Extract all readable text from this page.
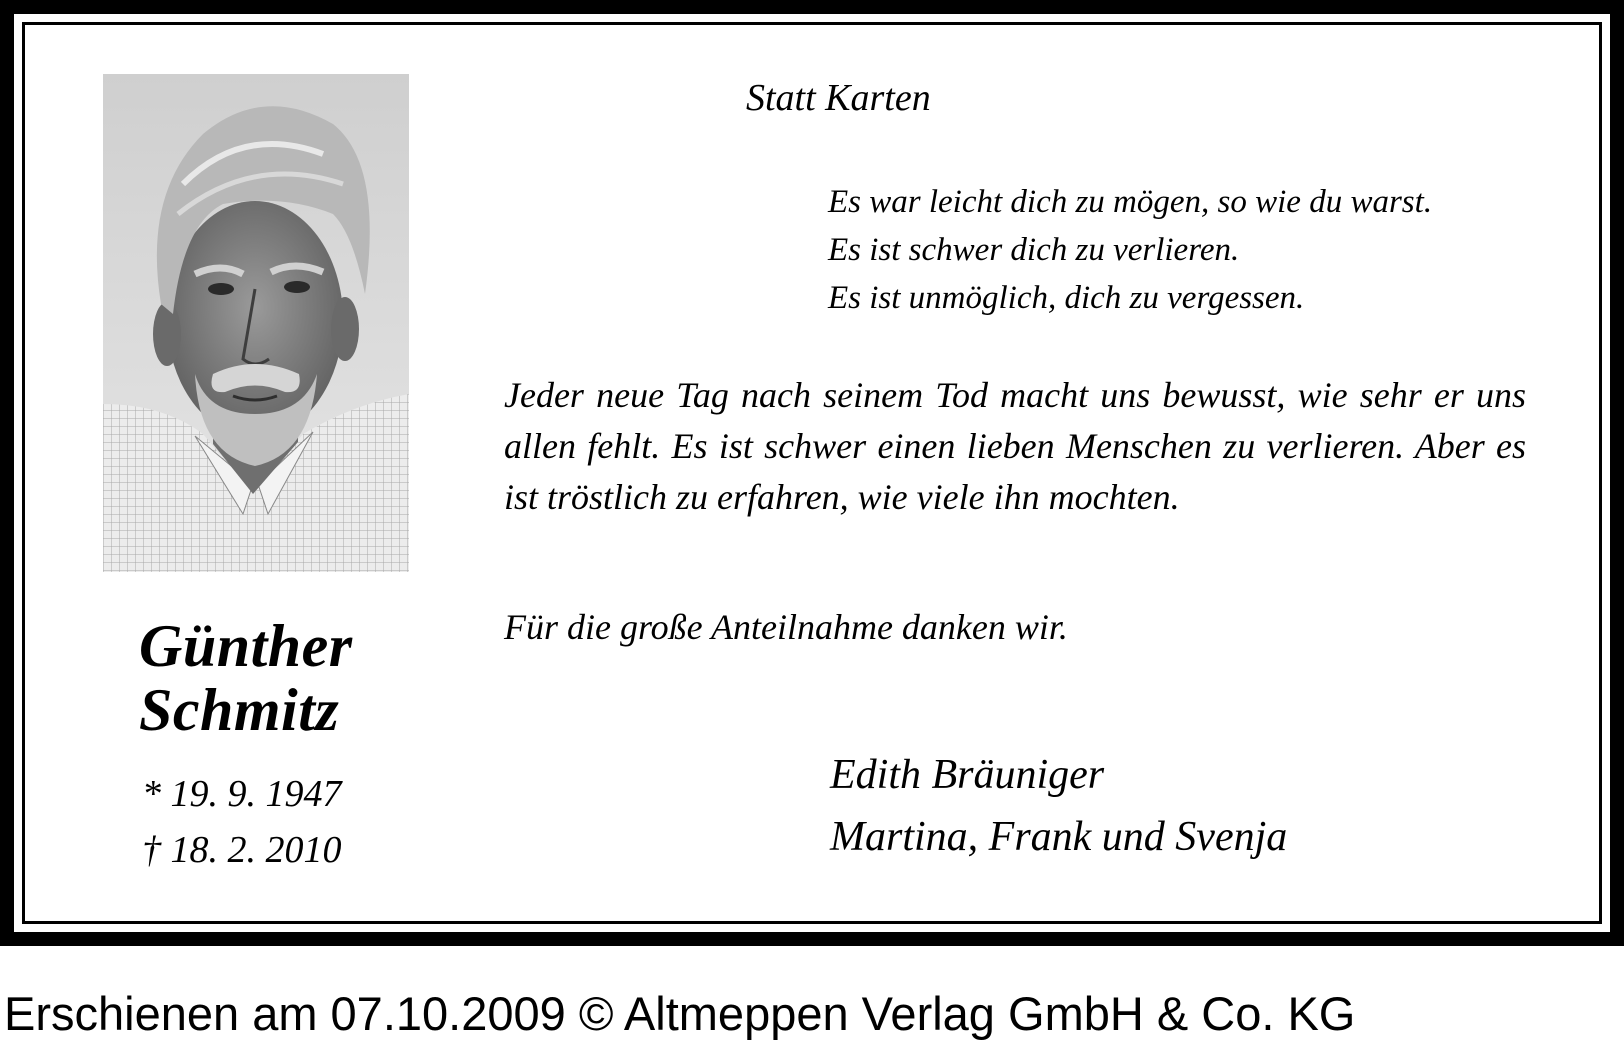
Günther
Schmitz
* 19. 9. 1947
† 18. 2. 2010
Statt Karten
Es war leicht dich zu mögen, so wie du warst.
Es ist schwer dich zu verlieren.
Es ist unmöglich, dich zu vergessen.
Jeder neue Tag nach seinem Tod macht uns bewusst, wie sehr er uns allen fehlt. Es ist schwer einen lieben Menschen zu verlieren. Aber es ist tröstlich zu erfahren, wie viele ihn mochten.
Für die große Anteilnahme danken wir.
Edith Bräuniger
Martina, Frank und Svenja
Erschienen am 07.10.2009 © Altmeppen Verlag GmbH & Co. KG
